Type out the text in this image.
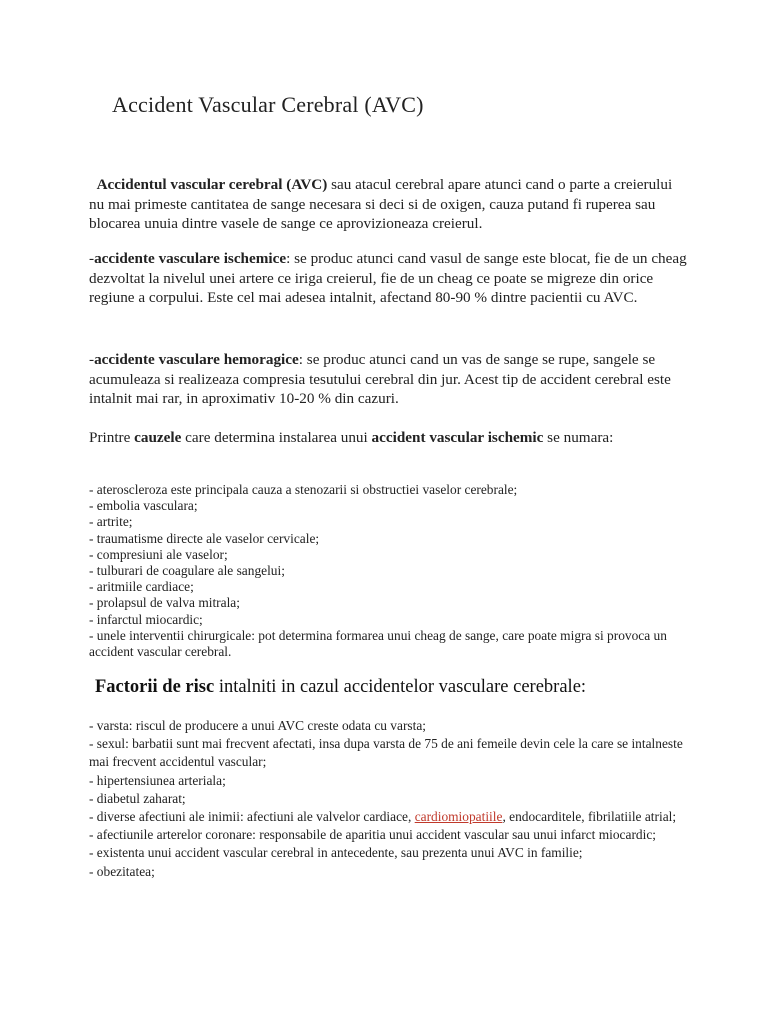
Accident Vascular Cerebral (AVC)
Accidentul vascular cerebral (AVC) sau atacul cerebral apare atunci cand o parte a creierului nu mai primeste cantitatea de sange necesara si deci si de oxigen, cauza putand fi ruperea sau blocarea unuia dintre vasele de sange ce aprovizioneaza creierul.
-accidente vasculare ischemice: se produc atunci cand vasul de sange este blocat, fie de un cheag dezvoltat la nivelul unei artere ce iriga creierul, fie de un cheag ce poate se migreze din orice regiune a corpului. Este cel mai adesea intalnit, afectand 80-90 % dintre pacientii cu AVC.
-accidente vasculare hemoragice: se produc atunci cand un vas de sange se rupe, sangele se acumuleaza si realizeaza compresia tesutului cerebral din jur. Acest tip de accident cerebral este intalnit mai rar, in aproximativ 10-20 % din cazuri.
Printre cauzele care determina instalarea unui accident vascular ischemic se numara:
- ateroscleroza este principala cauza a stenozarii si obstructiei vaselor cerebrale;
- embolia vasculara;
- artrite;
- traumatisme directe ale vaselor cervicale;
- compresiuni ale vaselor;
- tulburari de coagulare ale sangelui;
- aritmiile cardiace;
- prolapsul de valva mitrala;
- infarctul miocardic;
- unele interventii chirurgicale: pot determina formarea unui cheag de sange, care poate migra si provoca un accident vascular cerebral.
Factorii de risc intalniti in cazul accidentelor vasculare cerebrale:
- varsta: riscul de producere a unui AVC creste odata cu varsta;
- sexul: barbatii sunt mai frecvent afectati, insa dupa varsta de 75 de ani femeile devin cele la care se intalneste mai frecvent accidentul vascular;
- hipertensiunea arteriala;
- diabetul zaharat;
- diverse afectiuni ale inimii: afectiuni ale valvelor cardiace, cardiomiopatiile, endocarditele, fibrilatiile atrial;
- afectiunile arterelor coronare: responsabile de aparitia unui accident vascular sau unui infarct miocardic;
- existenta unui accident vascular cerebral in antecedente, sau prezenta unui AVC in familie;
- obezitatea;
